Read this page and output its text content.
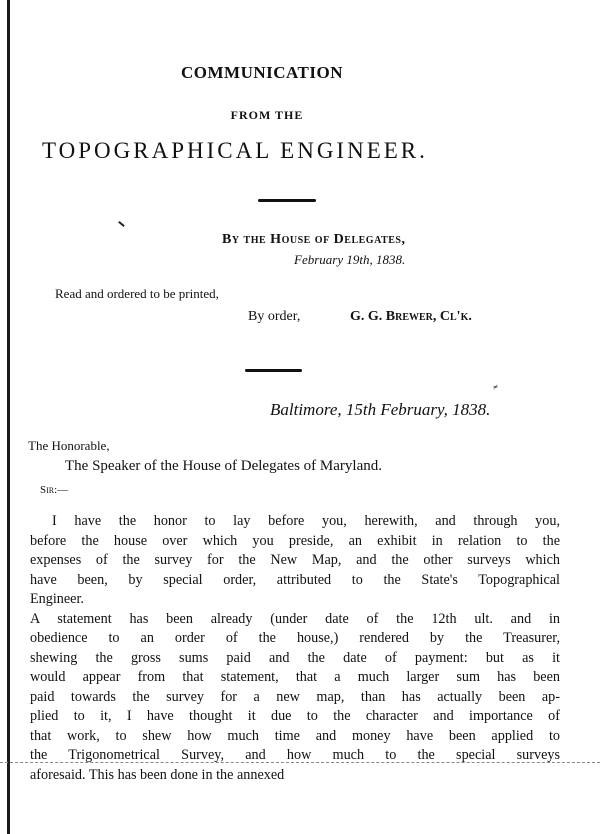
COMMUNICATION
FROM THE
TOPOGRAPHICAL ENGINEER.
By the House of Delegates,
February 19th, 1838.
Read and ordered to be printed,
By order,	G. G. Brewer, Cl'k.
≠
Baltimore, 15th February, 1838.
The Honorable,
The Speaker of the House of Delegates of Maryland.
Sir:—
I have the honor to lay before you, herewith, and through you,
before the house over which you preside, an exhibit in relation to the
expenses of the survey for the New Map, and the other surveys which
have been, by special order, attributed to the State's Topographical
Engineer.
A statement has been already (under date of the 12th ult. and in
obedience to an order of the house,) rendered by the Treasurer,
shewing the gross sums paid and the date of payment: but as it
would appear from that statement, that a much larger sum has been
paid towards the survey for a new map, than has actually been ap-
plied to it, I have thought it due to the character and importance of
that work, to shew how much time and money have been applied to
the Trigonometrical Survey, and how much to the special surveys
aforesaid. This has been done in the annexed
